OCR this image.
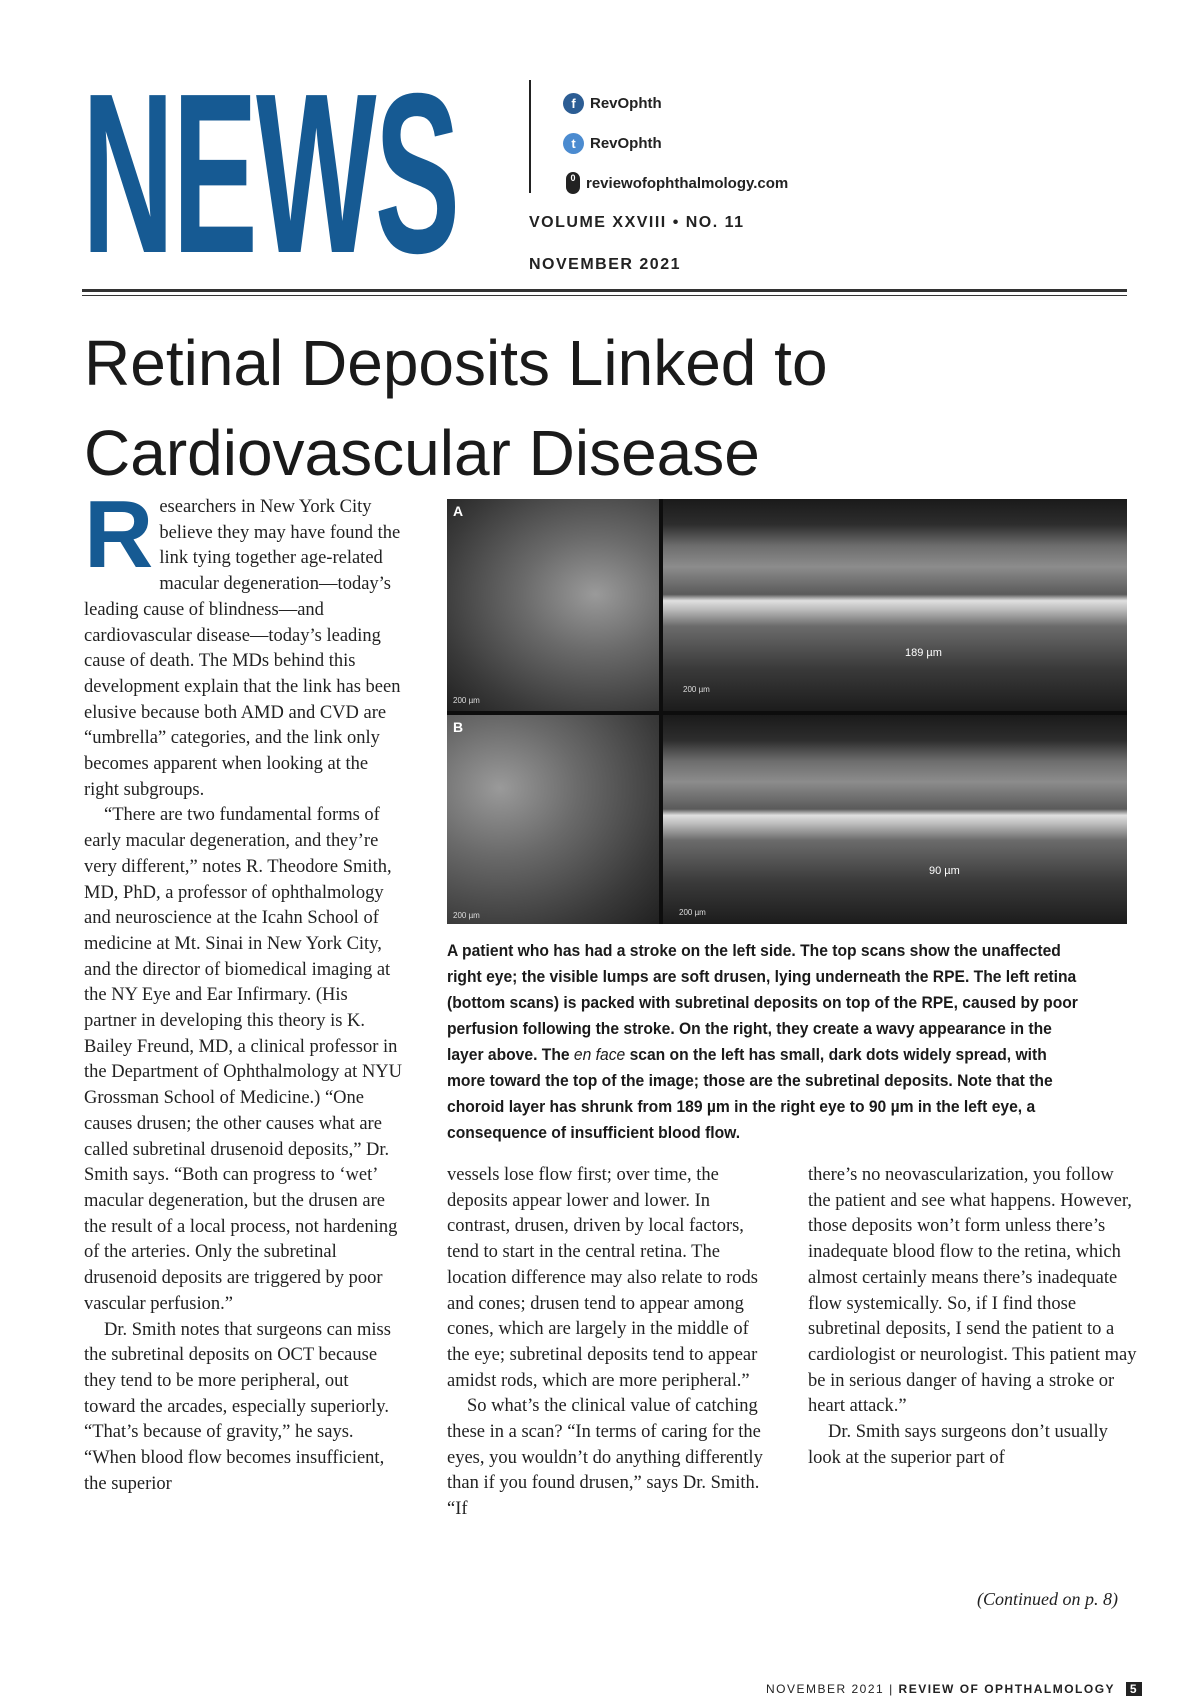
NEWS	f RevOphth
t RevOphth
0 reviewofophthalmology.com
VOLUME XXVIII • NO. 11
NOVEMBER 2021
Retinal Deposits Linked to Cardiovascular Disease

Researchers in New York City believe they may have found the link tying together age-related macular degeneration—today’s leading cause of blindness—and cardiovascular disease—today’s leading cause of death. The MDs behind this development explain that the link has been elusive because both AMD and CVD are “umbrella” categories, and the link only becomes apparent when looking at the right subgroups.

“There are two fundamental forms of early macular degeneration, and they’re very different,” notes R. Theodore Smith, MD, PhD, a professor of ophthalmology and neuroscience at the Icahn School of medicine at Mt. Sinai in New York City, and the director of biomedical imaging at the NY Eye and Ear Infirmary. (His partner in developing this theory is K. Bailey Freund, MD, a clinical professor in the Department of Ophthalmology at NYU Grossman School of Medicine.) “One causes drusen; the other causes what are called subretinal drusenoid deposits,” Dr. Smith says. “Both can progress to ‘wet’ macular degeneration, but the drusen are the result of a local process, not hardening of the arteries. Only the subretinal drusenoid deposits are triggered by poor vascular perfusion.”

Dr. Smith notes that surgeons can miss the subretinal deposits on OCT because they tend to be more peripheral, out toward the arcades, especially superiorly. “That’s because of gravity,” he says. “When blood flow becomes insufficient, the superior

A
B
200 µm
200 µm
200 µm	200 µm
189 µm
90 µm

A patient who has had a stroke on the left side. The top scans show the unaffected right eye; the visible lumps are soft drusen, lying underneath the RPE. The left retina (bottom scans) is packed with subretinal deposits on top of the RPE, caused by poor perfusion following the stroke. On the right, they create a wavy appearance in the layer above. The en face scan on the left has small, dark dots widely spread, with more toward the top of the image; those are the subretinal deposits. Note that the choroid layer has shrunk from 189 µm in the right eye to 90 µm in the left eye, a consequence of insufficient blood flow.

vessels lose flow first; over time, the deposits appear lower and lower. In contrast, drusen, driven by local factors, tend to start in the central retina. The location difference may also relate to rods and cones; drusen tend to appear among cones, which are largely in the middle of the eye; subretinal deposits tend to appear amidst rods, which are more peripheral.”

So what’s the clinical value of catching these in a scan? “In terms of caring for the eyes, you wouldn’t do anything differently than if you found drusen,” says Dr. Smith. “If

there’s no neovascularization, you follow the patient and see what happens. However, those deposits won’t form unless there’s inadequate blood flow to the retina, which almost certainly means there’s inadequate flow systemically. So, if I find those subretinal deposits, I send the patient to a cardiologist or neurologist. This patient may be in serious danger of having a stroke or heart attack.”

Dr. Smith says surgeons don’t usually look at the superior part of

(Continued on p. 8)
NOVEMBER 2021 | REVIEW OF OPHTHALMOLOGY 5
